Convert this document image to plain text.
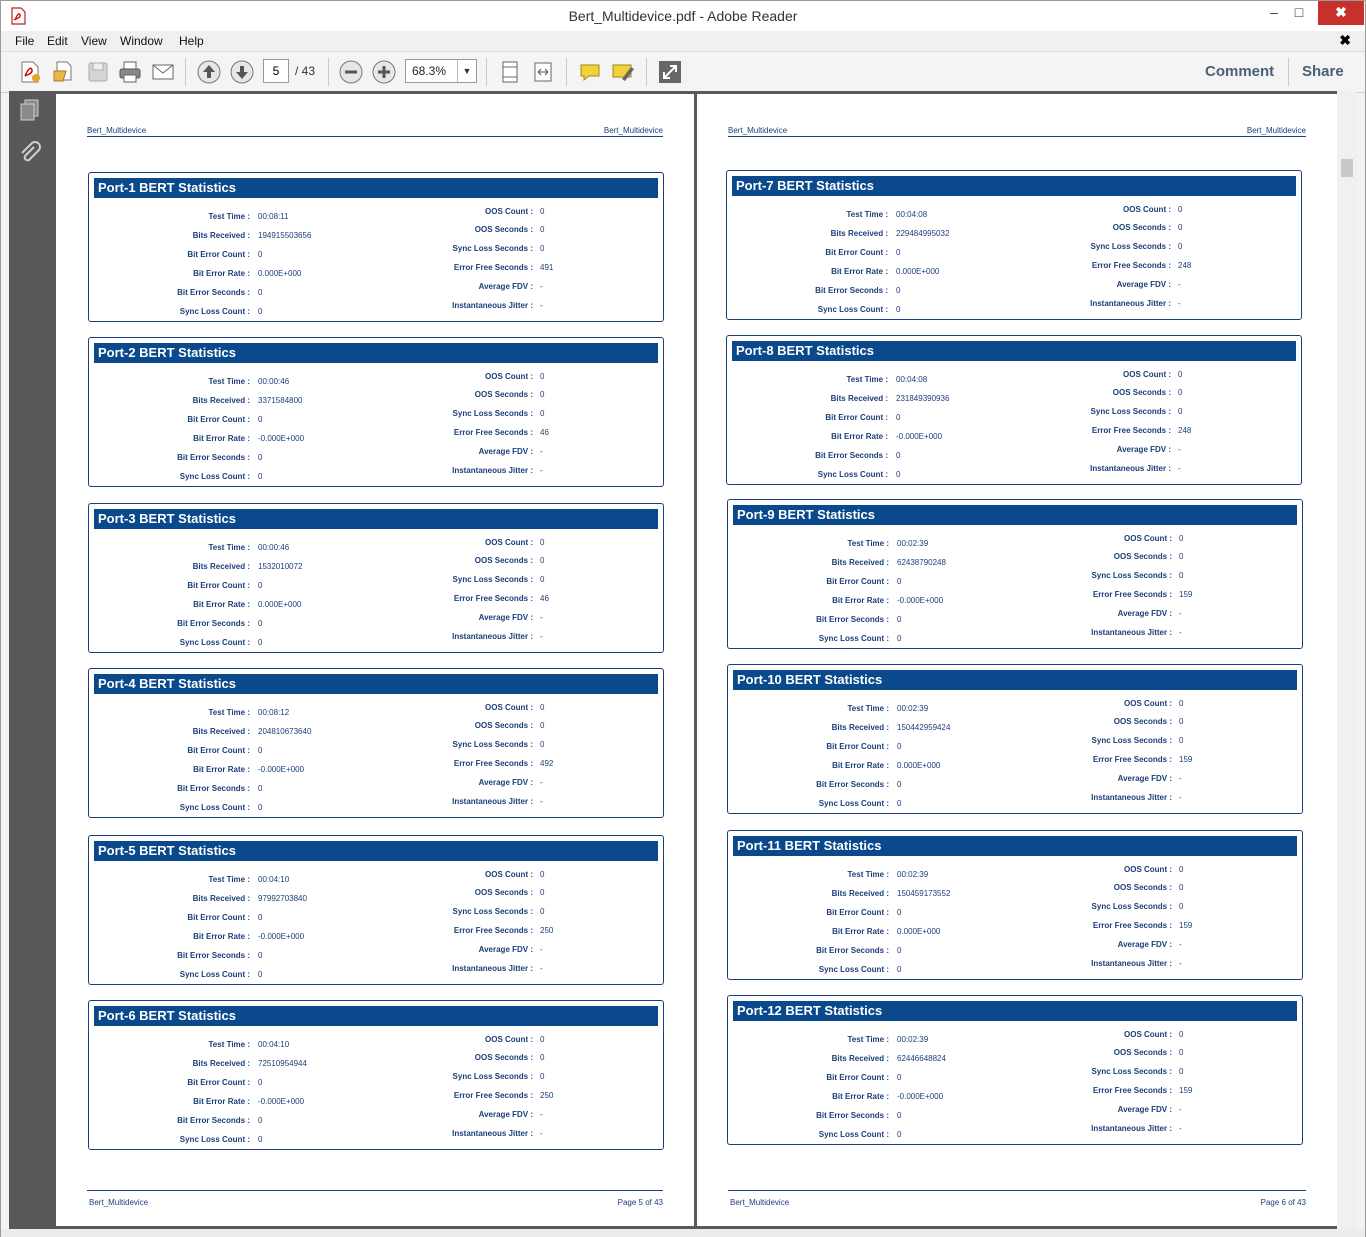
Bert_Multidevice.pdf - Adobe Reader	–	□	✖
File Edit View Window Help	✖
5	/ 43	68.3%	▼	Comment Share
Bert_Multidevice	Bert_Multidevice
Port-1 BERT Statistics
Test Time : 00:08:11
Bits Received : 194915503656
Bit Error Count : 0
Bit Error Rate : 0.000E+000
Bit Error Seconds : 0
Sync Loss Count : 0
OOS Count : 0
OOS Seconds : 0
Sync Loss Seconds : 0
Error Free Seconds : 491
Average FDV : -
Instantaneous Jitter : -
Port-2 BERT Statistics
Test Time : 00:00:46
Bits Received : 3371584800
Bit Error Count : 0
Bit Error Rate : -0.000E+000
Bit Error Seconds : 0
Sync Loss Count : 0
OOS Count : 0
OOS Seconds : 0
Sync Loss Seconds : 0
Error Free Seconds : 46
Average FDV : -
Instantaneous Jitter : -
Port-3 BERT Statistics
Test Time : 00:00:46
Bits Received : 1532010072
Bit Error Count : 0
Bit Error Rate : 0.000E+000
Bit Error Seconds : 0
Sync Loss Count : 0
OOS Count : 0
OOS Seconds : 0
Sync Loss Seconds : 0
Error Free Seconds : 46
Average FDV : -
Instantaneous Jitter : -
Port-4 BERT Statistics
Test Time : 00:08:12
Bits Received : 204810673640
Bit Error Count : 0
Bit Error Rate : -0.000E+000
Bit Error Seconds : 0
Sync Loss Count : 0
OOS Count : 0
OOS Seconds : 0
Sync Loss Seconds : 0
Error Free Seconds : 492
Average FDV : -
Instantaneous Jitter : -
Port-5 BERT Statistics
Test Time : 00:04:10
Bits Received : 97992703840
Bit Error Count : 0
Bit Error Rate : -0.000E+000
Bit Error Seconds : 0
Sync Loss Count : 0
OOS Count : 0
OOS Seconds : 0
Sync Loss Seconds : 0
Error Free Seconds : 250
Average FDV : -
Instantaneous Jitter : -
Port-6 BERT Statistics
Test Time : 00:04:10
Bits Received : 72510954944
Bit Error Count : 0
Bit Error Rate : -0.000E+000
Bit Error Seconds : 0
Sync Loss Count : 0
OOS Count : 0
OOS Seconds : 0
Sync Loss Seconds : 0
Error Free Seconds : 250
Average FDV : -
Instantaneous Jitter : -
Bert_Multidevice	Page 5 of 43
Bert_Multidevice	Bert_Multidevice
Port-7 BERT Statistics
Test Time : 00:04:08
Bits Received : 229484995032
Bit Error Count : 0
Bit Error Rate : 0.000E+000
Bit Error Seconds : 0
Sync Loss Count : 0
OOS Count : 0
OOS Seconds : 0
Sync Loss Seconds : 0
Error Free Seconds : 248
Average FDV : -
Instantaneous Jitter : -
Port-8 BERT Statistics
Test Time : 00:04:08
Bits Received : 231849390936
Bit Error Count : 0
Bit Error Rate : -0.000E+000
Bit Error Seconds : 0
Sync Loss Count : 0
OOS Count : 0
OOS Seconds : 0
Sync Loss Seconds : 0
Error Free Seconds : 248
Average FDV : -
Instantaneous Jitter : -
Port-9 BERT Statistics
Test Time : 00:02:39
Bits Received : 62438790248
Bit Error Count : 0
Bit Error Rate : -0.000E+000
Bit Error Seconds : 0
Sync Loss Count : 0
OOS Count : 0
OOS Seconds : 0
Sync Loss Seconds : 0
Error Free Seconds : 159
Average FDV : -
Instantaneous Jitter : -
Port-10 BERT Statistics
Test Time : 00:02:39
Bits Received : 150442959424
Bit Error Count : 0
Bit Error Rate : 0.000E+000
Bit Error Seconds : 0
Sync Loss Count : 0
OOS Count : 0
OOS Seconds : 0
Sync Loss Seconds : 0
Error Free Seconds : 159
Average FDV : -
Instantaneous Jitter : -
Port-11 BERT Statistics
Test Time : 00:02:39
Bits Received : 150459173552
Bit Error Count : 0
Bit Error Rate : 0.000E+000
Bit Error Seconds : 0
Sync Loss Count : 0
OOS Count : 0
OOS Seconds : 0
Sync Loss Seconds : 0
Error Free Seconds : 159
Average FDV : -
Instantaneous Jitter : -
Port-12 BERT Statistics
Test Time : 00:02:39
Bits Received : 62446648824
Bit Error Count : 0
Bit Error Rate : -0.000E+000
Bit Error Seconds : 0
Sync Loss Count : 0
OOS Count : 0
OOS Seconds : 0
Sync Loss Seconds : 0
Error Free Seconds : 159
Average FDV : -
Instantaneous Jitter : -
Bert_Multidevice	Page 6 of 43
